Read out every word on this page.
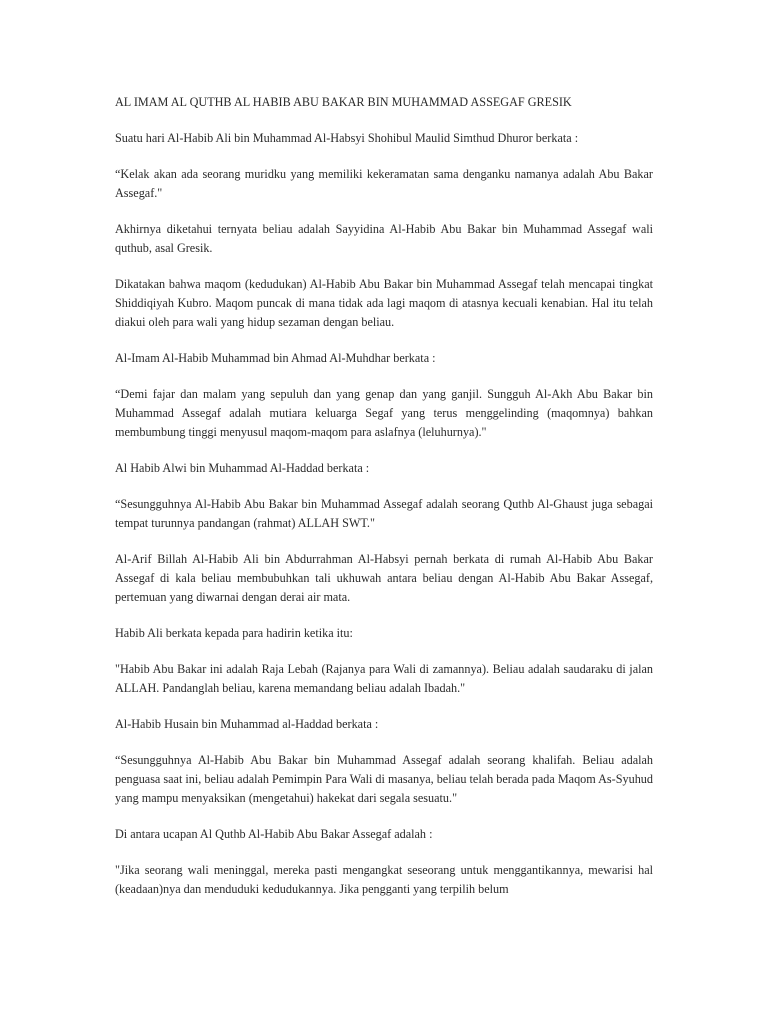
AL IMAM AL QUTHB AL HABIB ABU BAKAR BIN MUHAMMAD ASSEGAF GRESIK

Suatu hari Al-Habib Ali bin Muhammad Al-Habsyi Shohibul Maulid Simthud Dhuror berkata :

“Kelak akan ada seorang muridku yang memiliki kekeramatan sama denganku namanya adalah Abu Bakar Assegaf."

Akhirnya diketahui ternyata beliau adalah Sayyidina Al-Habib Abu Bakar bin Muhammad Assegaf wali quthub, asal Gresik.

Dikatakan bahwa maqom (kedudukan) Al-Habib Abu Bakar bin Muhammad Assegaf telah mencapai tingkat Shiddiqiyah Kubro. Maqom puncak di mana tidak ada lagi maqom di atasnya kecuali kenabian. Hal itu telah diakui oleh para wali yang hidup sezaman dengan beliau.

Al-Imam Al-Habib Muhammad bin Ahmad Al-Muhdhar berkata :

“Demi fajar dan malam yang sepuluh dan yang genap dan yang ganjil. Sungguh Al-Akh Abu Bakar bin Muhammad Assegaf adalah mutiara keluarga Segaf yang terus menggelinding (maqomnya) bahkan membumbung tinggi menyusul maqom-maqom para aslafnya (leluhurnya)."

Al Habib Alwi bin Muhammad Al-Haddad berkata :

“Sesungguhnya Al-Habib Abu Bakar bin Muhammad Assegaf adalah seorang Quthb Al-Ghaust juga sebagai tempat turunnya pandangan (rahmat) ALLAH SWT."

Al-Arif Billah Al-Habib Ali bin Abdurrahman Al-Habsyi pernah berkata di rumah Al-Habib Abu Bakar Assegaf di kala beliau membubuhkan tali ukhuwah antara beliau dengan Al-Habib Abu Bakar Assegaf, pertemuan yang diwarnai dengan derai air mata.

Habib Ali berkata kepada para hadirin ketika itu:

"Habib Abu Bakar ini adalah Raja Lebah (Rajanya para Wali di zamannya). Beliau adalah saudaraku di jalan ALLAH. Pandanglah beliau, karena memandang beliau adalah Ibadah."

Al-Habib Husain bin Muhammad al-Haddad berkata :

“Sesungguhnya Al-Habib Abu Bakar bin Muhammad Assegaf adalah seorang khalifah. Beliau adalah penguasa saat ini, beliau adalah Pemimpin Para Wali di masanya, beliau telah berada pada Maqom As-Syuhud yang mampu menyaksikan (mengetahui) hakekat dari segala sesuatu."

Di antara ucapan Al Quthb Al-Habib Abu Bakar Assegaf adalah :

"Jika seorang wali meninggal, mereka pasti mengangkat seseorang untuk menggantikannya, mewarisi hal (keadaan)nya dan menduduki kedudukannya. Jika pengganti yang terpilih belum
